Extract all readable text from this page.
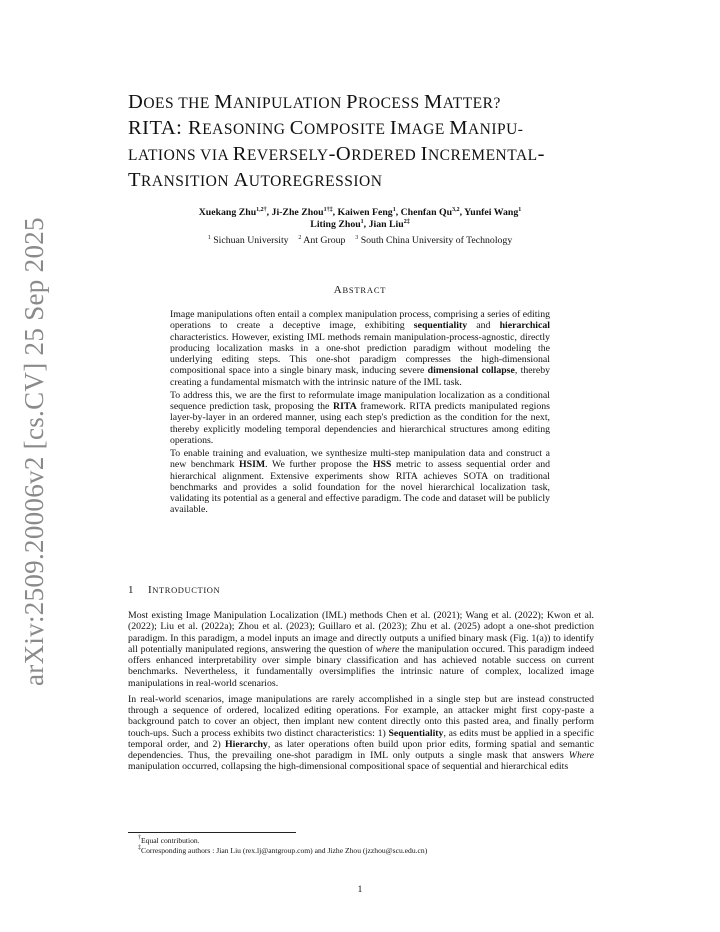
arXiv:2509.20006v2 [cs.CV] 25 Sep 2025
DOES THE MANIPULATION PROCESS MATTER?
RITA: REASONING COMPOSITE IMAGE MANIPU-
LATIONS VIA REVERSELY-ORDERED INCREMENTAL-
TRANSITION AUTOREGRESSION
Xuekang Zhu$^{1,2\dagger}$, Ji-Zhe Zhou$^{1\dagger\ddagger}$, Kaiwen Feng$^1$, Chenfan Qu$^{3,2}$, Yunfei Wang$^1$
Liting Zhou$^1$, Jian Liu$^{2\ddagger}$
$^1$ Sichuan University $^2$ Ant Group $^3$ South China University of Technology
ABSTRACT

Image manipulations often entail a complex manipulation process, comprising a series of editing operations to create a deceptive image, exhibiting sequentiality and hierarchical characteristics. However, existing IML methods remain manipulation-process-agnostic, directly producing localization masks in a one-shot prediction paradigm without modeling the underlying editing steps. This one-shot paradigm compresses the high-dimensional compositional space into a single binary mask, inducing severe dimensional collapse, thereby creating a fundamental mismatch with the intrinsic nature of the IML task.

To address this, we are the first to reformulate image manipulation localization as a conditional sequence prediction task, proposing the RITA framework. RITA predicts manipulated regions layer-by-layer in an ordered manner, using each step's prediction as the condition for the next, thereby explicitly modeling temporal dependencies and hierarchical structures among editing operations.

To enable training and evaluation, we synthesize multi-step manipulation data and construct a new benchmark HSIM. We further propose the HSS metric to assess sequential order and hierarchical alignment. Extensive experiments show RITA achieves SOTA on traditional benchmarks and provides a solid foundation for the novel hierarchical localization task, validating its potential as a general and effective paradigm. The code and dataset will be publicly available.

1 INTRODUCTION

Most existing Image Manipulation Localization (IML) methods Chen et al. (2021); Wang et al. (2022); Kwon et al. (2022); Liu et al. (2022a); Zhou et al. (2023); Guillaro et al. (2023); Zhu et al. (2025) adopt a one-shot prediction paradigm. In this paradigm, a model inputs an image and directly outputs a unified binary mask (Fig. 1(a)) to identify all potentially manipulated regions, answering the question of where the manipulation occured. This paradigm indeed offers enhanced interpretability over simple binary classification and has achieved notable success on current benchmarks. Nevertheless, it fundamentally oversimplifies the intrinsic nature of complex, localized image manipulations in real-world scenarios.

In real-world scenarios, image manipulations are rarely accomplished in a single step but are instead constructed through a sequence of ordered, localized editing operations. For example, an attacker might first copy-paste a background patch to cover an object, then implant new content directly onto this pasted area, and finally perform touch-ups. Such a process exhibits two distinct characteristics: 1) Sequentiality, as edits must be applied in a specific temporal order, and 2) Hierarchy, as later operations often build upon prior edits, forming spatial and semantic dependencies. Thus, the prevailing one-shot paradigm in IML only outputs a single mask that answers Where manipulation occurred, collapsing the high-dimensional compositional space of sequential and hierarchical edits

†Equal contribution.
‡Corresponding authors : Jian Liu (rex.lj@antgroup.com) and Jizhe Zhou (jzzhou@scu.edu.cn)
1
